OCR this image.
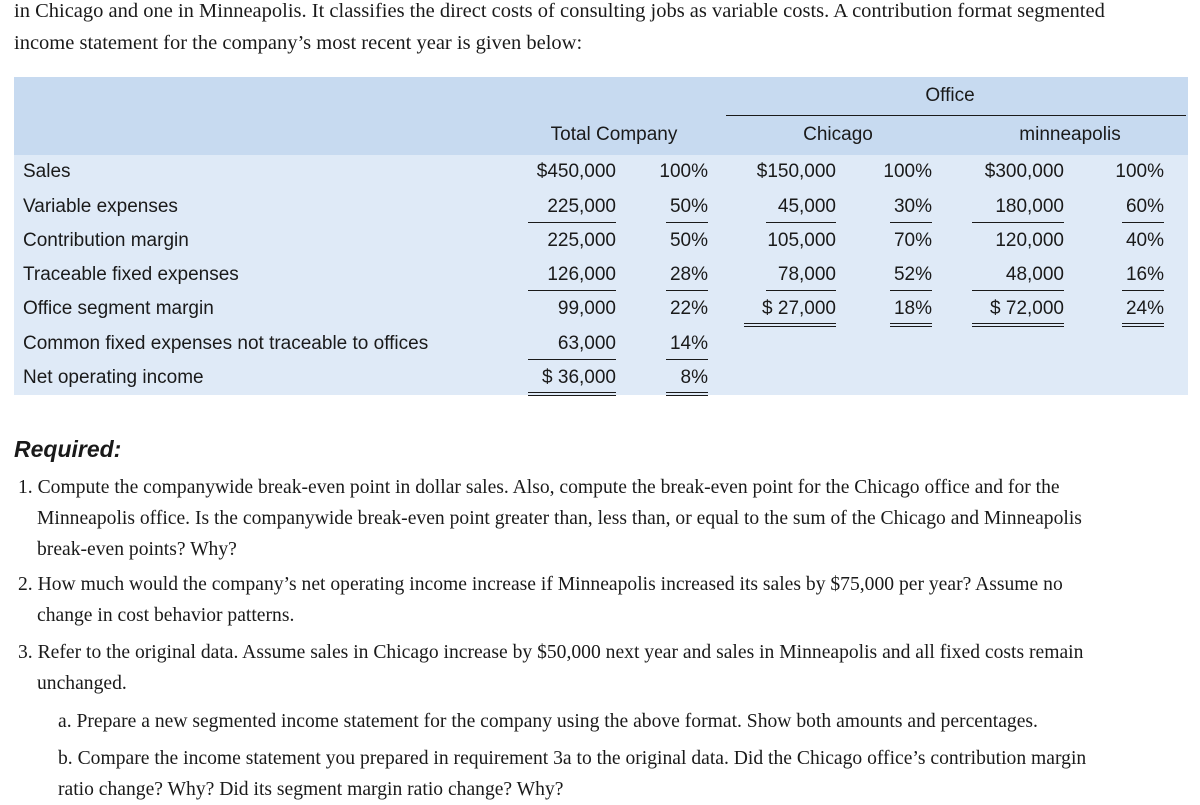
in Chicago and one in Minneapolis. It classifies the direct costs of consulting jobs as variable costs. A contribution format segmented
income statement for the company’s most recent year is given below:
Office
Total Company	Chicago	minneapolis
Sales
Variable expenses
Contribution margin
Traceable fixed expenses
Office segment margin
Common fixed expenses not traceable to offices
Net operating income
$450,000
225,000
225,000
126,000
99,000
63,000
$ 36,000
100%
50%
50%
28%
22%
14%
8%
$150,000
45,000
105,000
78,000
$ 27,000
100%
30%
70%
52%
18%
$300,000
180,000
120,000
48,000
$ 72,000
100%
60%
40%
16%
24%
Required:
1. Compute the companywide break-even point in dollar sales. Also, compute the break-even point for the Chicago office and for the
Minneapolis office. Is the companywide break-even point greater than, less than, or equal to the sum of the Chicago and Minneapolis
break-even points? Why?
2. How much would the company’s net operating income increase if Minneapolis increased its sales by $75,000 per year? Assume no
change in cost behavior patterns.
3. Refer to the original data. Assume sales in Chicago increase by $50,000 next year and sales in Minneapolis and all fixed costs remain
unchanged.
a. Prepare a new segmented income statement for the company using the above format. Show both amounts and percentages.
b. Compare the income statement you prepared in requirement 3a to the original data. Did the Chicago office’s contribution margin
ratio change? Why? Did its segment margin ratio change? Why?
